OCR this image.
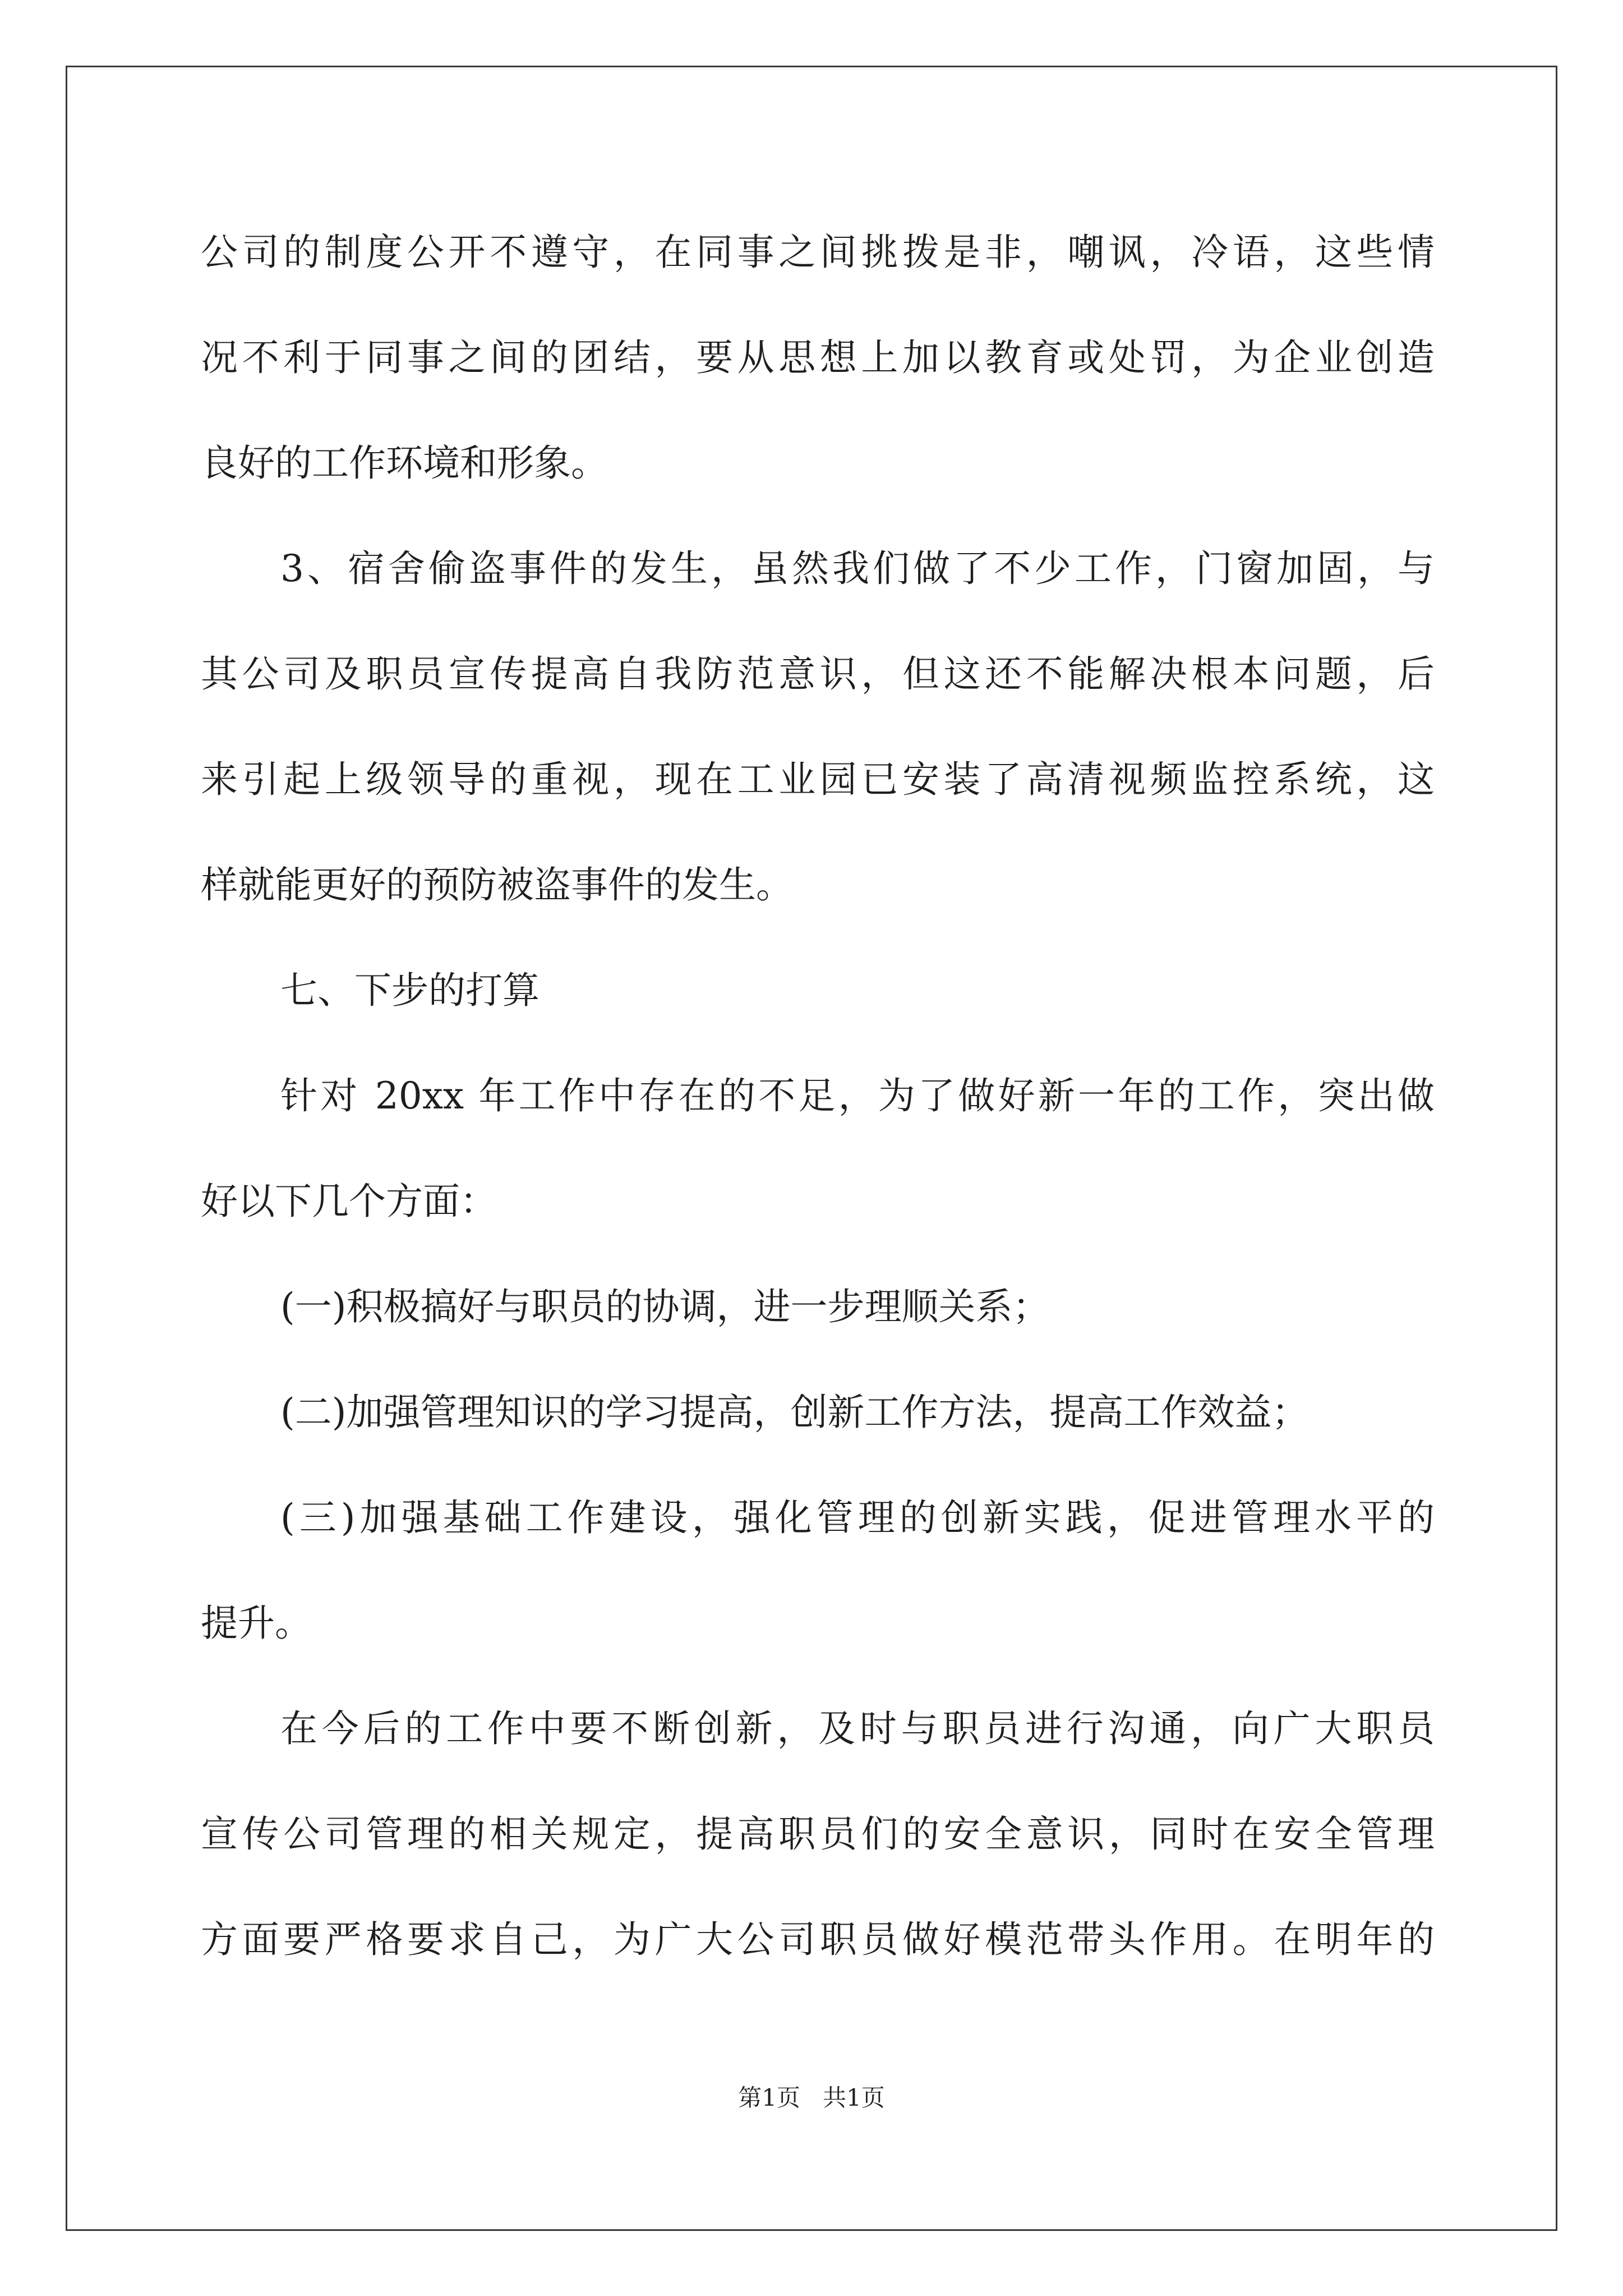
公司的制度公开不遵守，在同事之间挑拨是非，嘲讽，冷语，这些情
况不利于同事之间的团结，要从思想上加以教育或处罚，为企业创造
良好的工作环境和形象。
3、宿舍偷盗事件的发生，虽然我们做了不少工作，门窗加固，与
其公司及职员宣传提高自我防范意识，但这还不能解决根本问题，后
来引起上级领导的重视，现在工业园已安装了高清视频监控系统，这
样就能更好的预防被盗事件的发生。
七、下步的打算
针对 20xx 年工作中存在的不足，为了做好新一年的工作，突出做
好以下几个方面：
(一)积极搞好与职员的协调，进一步理顺关系；
(二)加强管理知识的学习提高，创新工作方法，提高工作效益；
(三)加强基础工作建设，强化管理的创新实践，促进管理水平的
提升。
在今后的工作中要不断创新，及时与职员进行沟通，向广大职员
宣传公司管理的相关规定，提高职员们的安全意识，同时在安全管理
方面要严格要求自己，为广大公司职员做好模范带头作用。在明年的
第1页   共1页
